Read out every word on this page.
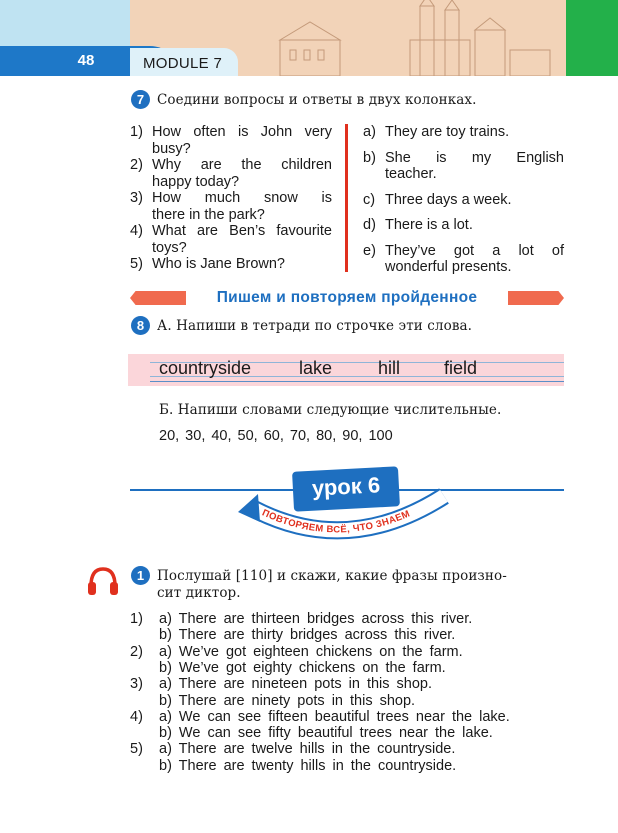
48	MODULE 7
7 Соедини вопросы и ответы в двух колонках.
1) How often is John very
busy?
2) Why are the children
happy today?
3) How much snow is
there in the park?
4) What are Ben’s favourite
toys?
5) Who is Jane Brown?
a) They are toy trains.
b) She is my English
teacher.
c) Three days a week.
d) There is a lot.
e) They’ve got a lot of
wonderful presents.
Пишем и повторяем пройденное
8 А. Напиши в тетради по строчке эти слова.
countryside	lake	hill field
Б. Напиши словами следующие числительные.
20, 30, 40, 50, 60, 70, 80, 90, 100
ПОВТОРЯЕМ ВСЁ, ЧТО ЗНАЕМ
урок 6
1 Послушай [110] и скажи, какие фразы произно-
сит диктор.
1) a) There are thirteen bridges across this river.
b) There are thirty bridges across this river.
2) a) We’ve got eighteen chickens on the farm.
b) We’ve got eighty chickens on the farm.
3) a) There are nineteen pots in this shop.
b) There are ninety pots in this shop.
4) a) We can see fifteen beautiful trees near the lake.
b) We can see fifty beautiful trees near the lake.
5) a) There are twelve hills in the countryside.
b) There are twenty hills in the countryside.
